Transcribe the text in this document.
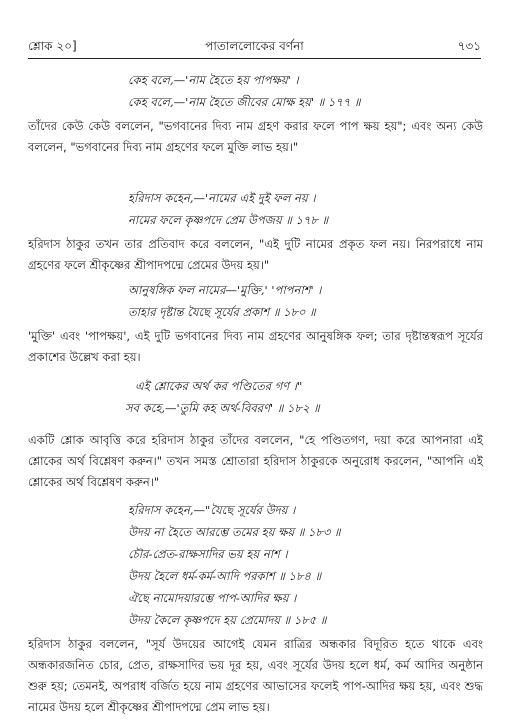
শ্লোক ২০]	পাতাললোকের বর্ণনা	৭৩১
কেহ বলে,—'নাম হৈতে হয় পাপক্ষয়' ।
কেহ বলে,—'নাম হৈতে জীবের মোক্ষ হয়' ॥ ১৭৭ ॥

তাঁদের কেউ কেউ বললেন, "ভগবানের দিব্য নাম গ্রহণ করার ফলে পাপ ক্ষয় হয়"; এবং অন্য কেউ বললেন, "ভগবানের দিব্য নাম গ্রহণের ফলে মুক্তি লাভ হয়।"

হরিদাস কহেন,—'নামের এই দুই ফল নয় ।
নামের ফলে কৃষ্ণপদে প্রেম উপজয় ॥ ১৭৮ ॥

হরিদাস ঠাকুর তখন তার প্রতিবাদ করে বললেন, "এই দুটি নামের প্রকৃত ফল নয়। নিরপরাধে নাম গ্রহণের ফলে শ্রীকৃষ্ণের শ্রীপাদপদ্মে প্রেমের উদয় হয়।"

আনুষঙ্গিক ফল নামের—'মুক্তি,' 'পাপনাশ' ।
তাহার দৃষ্টান্ত যৈছে সূর্যের প্রকাশ ॥ ১৮০ ॥

'মুক্তি' এবং 'পাপক্ষয়', এই দুটি ভগবানের দিব্য নাম গ্রহণের আনুষঙ্গিক ফল; তার দৃষ্টান্তস্বরূপ সূর্যের প্রকাশের উল্লেখ করা হয়।

এই শ্লোকের অর্থ কর পণ্ডিতের গণ ।"
সব কহে,—'তুমি কহ অর্থ-বিবরণ' ॥ ১৮২ ॥

একটি শ্লোক আবৃত্তি করে হরিদাস ঠাকুর তাঁদের বললেন, "হে পণ্ডিতগণ, দয়া করে আপনারা এই শ্লোকের অর্থ বিশ্লেষণ করুন।" তখন সমস্ত শ্রোতারা হরিদাস ঠাকুরকে অনুরোধ করলেন, "আপনি এই শ্লোকের অর্থ বিশ্লেষণ করুন।"

হরিদাস কহেন,—"যৈছে সূর্যের উদয় ।
উদয় না হৈতে আরম্ভে তমের হয় ক্ষয় ॥ ১৮৩ ॥
চৌর-প্রেত-রাক্ষসাদির ভয় হয় নাশ ।
উদয় হৈলে ধর্ম-কর্ম-আদি পরকাশ ॥ ১৮৪ ॥
ঐছে নামোদয়ারম্ভে পাপ-আদির ক্ষয় ।
উদয় কৈলে কৃষ্ণপদে হয় প্রেমোদয় ॥ ১৮৫ ॥

হরিদাস ঠাকুর বললেন, "সূর্য উদয়ের আগেই যেমন রাত্রির অন্ধকার বিদূরিত হতে থাকে এবং অন্ধকারজনিত চোর, প্রেত, রাক্ষসাদির ভয় দূর হয়, এবং সূর্যের উদয় হলে ধর্ম, কর্ম আদির অনুষ্ঠান শুরু হয়; তেমনই, অপরাধ বর্জিত হয়ে নাম গ্রহণের আভাসের ফলেই পাপ-আদির ক্ষয় হয়, এবং শুদ্ধ নামের উদয় হলে শ্রীকৃষ্ণের শ্রীপাদপদ্মে প্রেম লাভ হয়।
